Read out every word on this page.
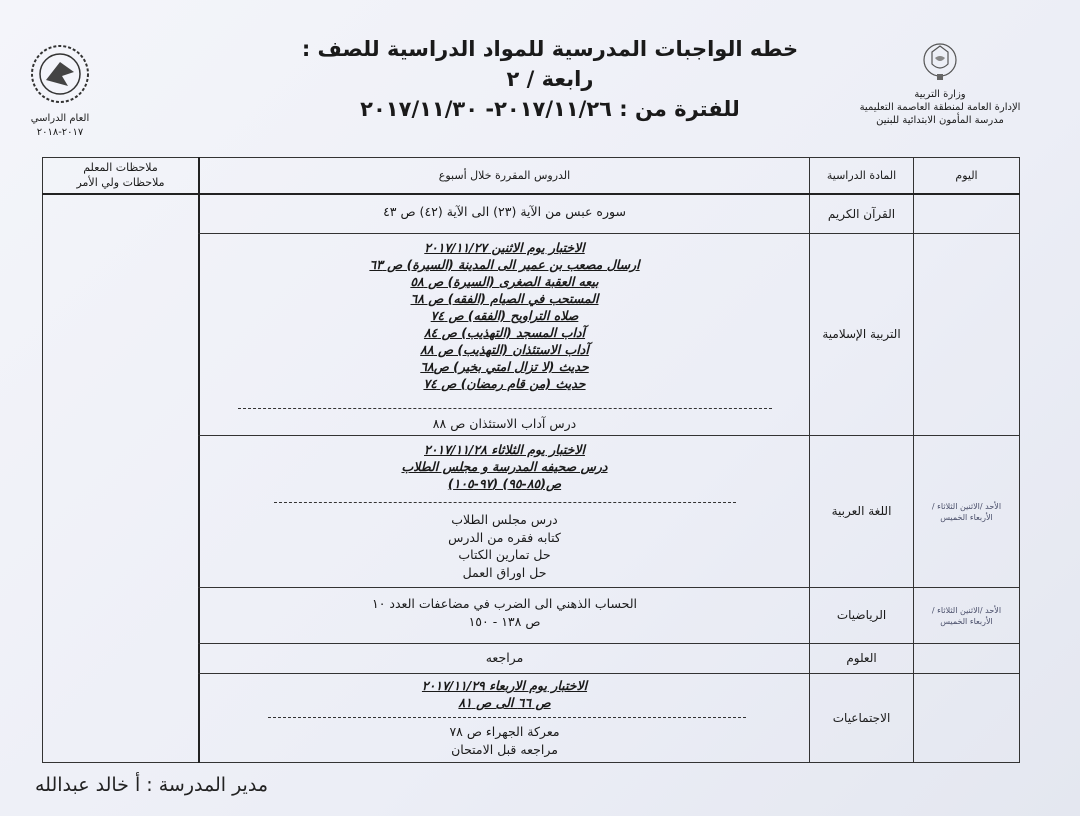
وزارة التربية
الإدارة العامة لمنطقة العاصمة التعليمية
مدرسة المأمون الابتدائية للبنين
خطه الواجبات المدرسية للمواد الدراسية للصف :
رابعة / ٢
للفترة من : ٢٠١٧/١١/٢٦- ٢٠١٧/١١/٣٠
العام الدراسي
٢٠١٧-٢٠١٨
اليوم
المادة الدراسية
الدروس المقررة خلال أسبوع
ملاحظات المعلم
ملاحظات ولي الأمر
القرآن الكريم
سوره عبس من الآية (٢٣) الى الآية (٤٢) ص ٤٣
التربية الإسلامية
الاختبار يوم الاثنين ٢٠١٧/١١/٢٧
ارسال مصعب بن عمير الى المدينة (السيرة) ص ٦٣
بيعه العقبة الصغرى (السيرة) ص ٥٨
المستحب في الصيام (الفقه) ص ٦٨
صلاه التراويح (الفقه) ص ٧٤
آداب المسجد (التهذيب) ص ٨٤
آداب الاستئذان (التهذيب) ص ٨٨
حديث (لا تزال امتي بخير) ص٦٨
حديث (من قام رمضان) ص ٧٤
درس آداب الاستئذان ص ٨٨
الأحد /الاثنين الثلاثاء /الأربعاء الخميس
اللغة العربية
الاختبار يوم الثلاثاء ٢٠١٧/١١/٢٨
درس صحيفه المدرسة و مجلس الطلاب
ص(٨٥-٩٥) (٩٧-١٠٥)
درس مجلس الطلاب
كتابه فقره من الدرس
حل تمارين الكتاب
حل اوراق العمل
الأحد /الاثنين الثلاثاء /الأربعاء الخميس
الرياضيات
الحساب الذهني الى الضرب في مضاعفات العدد ١٠
ص ١٣٨ - ١٥٠
العلوم
مراجعه
الاجتماعيات
الاختبار يوم الاربعاء ٢٠١٧/١١/٢٩
ص ٦٦ الى ص ٨١
معركة الجهراء ص ٧٨
مراجعه قبل الامتحان
مدير المدرسة : أ خالد عبدالله
